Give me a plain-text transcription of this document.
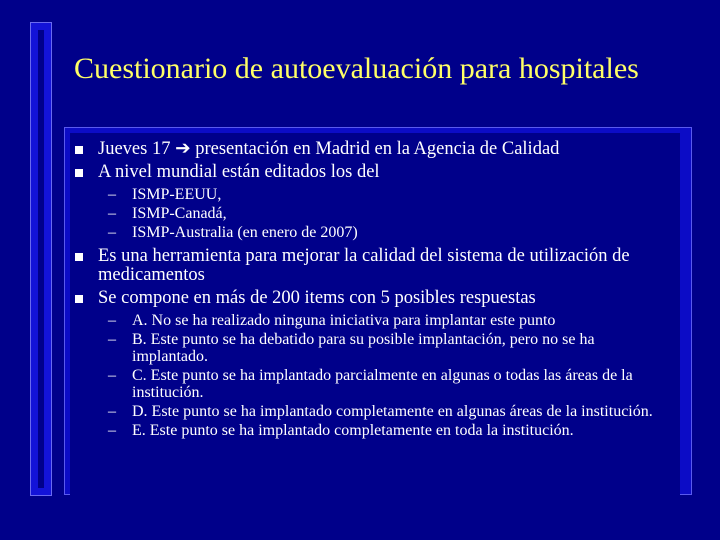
Cuestionario de autoevaluación para hospitales
Jueves 17 ➔ presentación en Madrid en la Agencia de Calidad
A nivel mundial están editados los del
– ISMP-EEUU,
– ISMP-Canadá,
– ISMP-Australia (en enero de 2007)
Es una herramienta para mejorar la calidad del sistema de utilización de medicamentos
Se compone en más de 200 items con 5 posibles respuestas
– A. No se ha realizado ninguna iniciativa para implantar este punto
– B. Este punto se ha debatido para su posible implantación, pero no se ha implantado.
– C. Este punto se ha implantado parcialmente en algunas o todas las áreas de la institución.
– D. Este punto se ha implantado completamente en algunas áreas de la institución.
– E. Este punto se ha implantado completamente en toda la institución.
